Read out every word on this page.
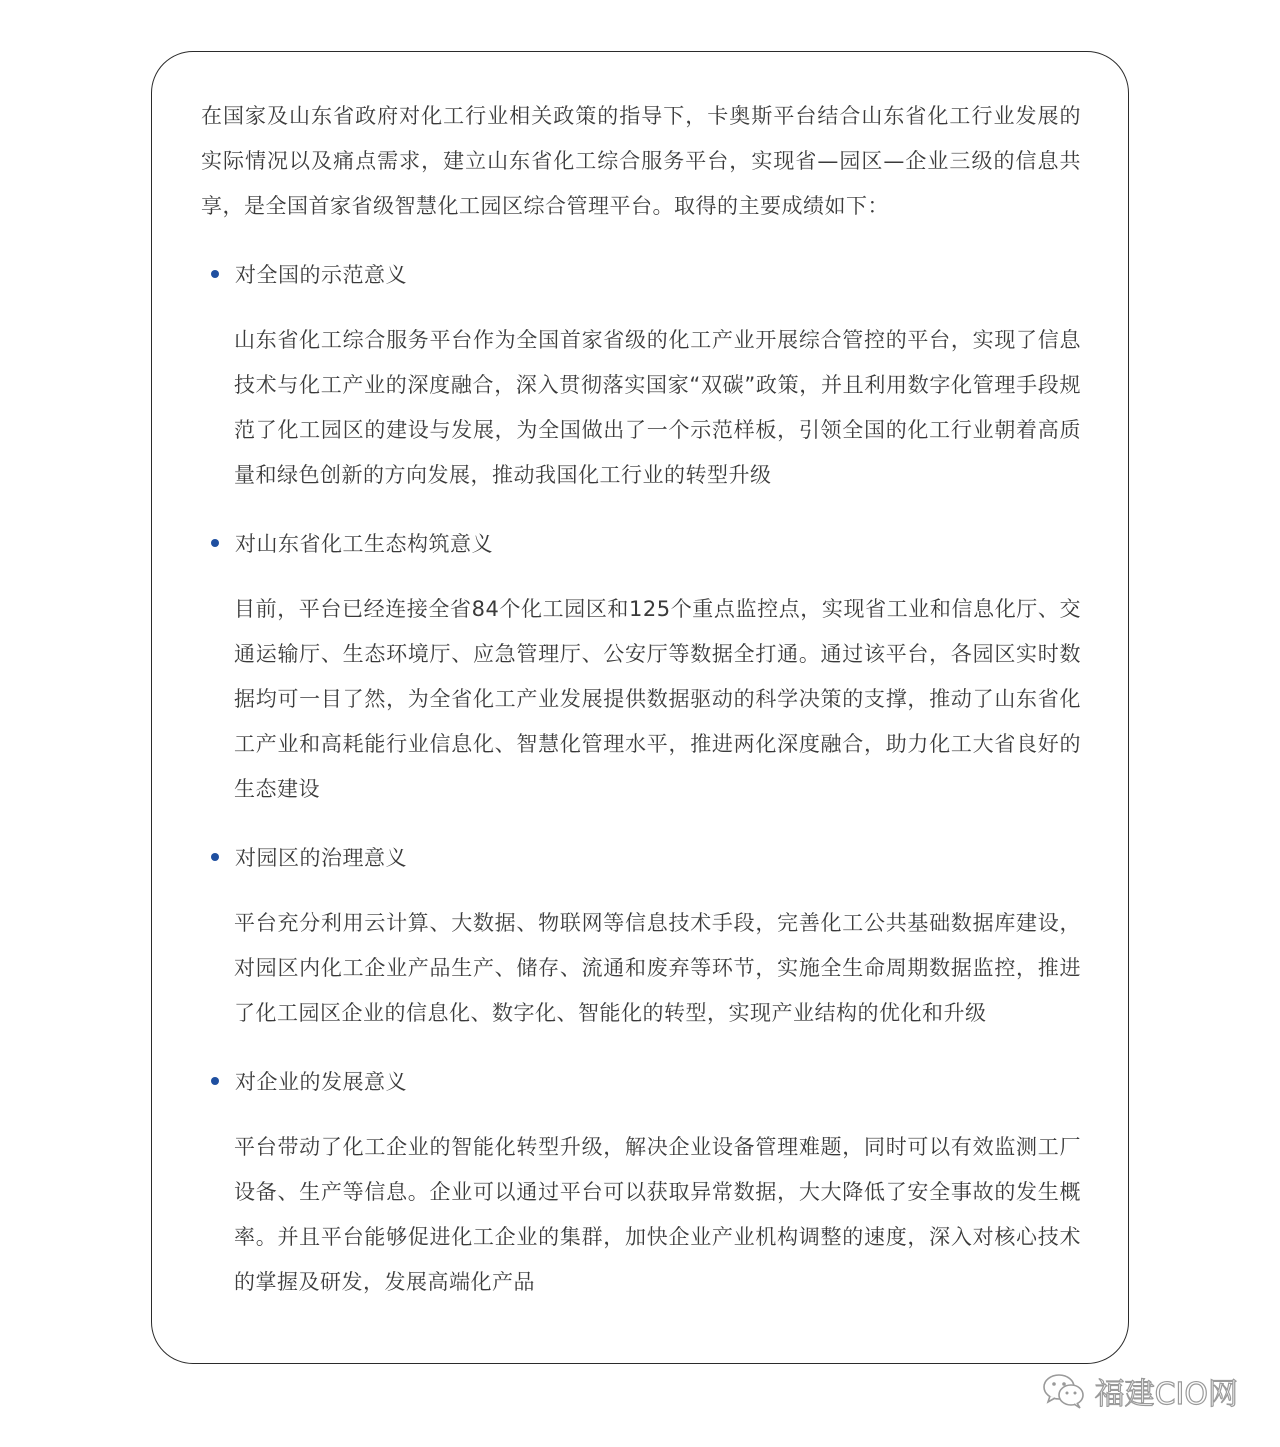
在国家及山东省政府对化工行业相关政策的指导下，卡奥斯平台结合山东省化工行业发展的实际情况以及痛点需求，建立山东省化工综合服务平台，实现省—园区—企业三级的信息共享，是全国首家省级智慧化工园区综合管理平台。取得的主要成绩如下：

对全国的示范意义
山东省化工综合服务平台作为全国首家省级的化工产业开展综合管控的平台，实现了信息技术与化工产业的深度融合，深入贯彻落实国家“双碳”政策，并且利用数字化管理手段规范了化工园区的建设与发展，为全国做出了一个示范样板，引领全国的化工行业朝着高质量和绿色创新的方向发展，推动我国化工行业的转型升级
对山东省化工生态构筑意义
目前，平台已经连接全省84个化工园区和125个重点监控点，实现省工业和信息化厅、交通运输厅、生态环境厅、应急管理厅、公安厅等数据全打通。通过该平台，各园区实时数据均可一目了然，为全省化工产业发展提供数据驱动的科学决策的支撑，推动了山东省化工产业和高耗能行业信息化、智慧化管理水平，推进两化深度融合，助力化工大省良好的生态建设
对园区的治理意义
平台充分利用云计算、大数据、物联网等信息技术手段，完善化工公共基础数据库建设，对园区内化工企业产品生产、储存、流通和废弃等环节，实施全生命周期数据监控，推进了化工园区企业的信息化、数字化、智能化的转型，实现产业结构的优化和升级
对企业的发展意义
平台带动了化工企业的智能化转型升级，解决企业设备管理难题，同时可以有效监测工厂设备、生产等信息。企业可以通过平台可以获取异常数据，大大降低了安全事故的发生概率。并且平台能够促进化工企业的集群，加快企业产业机构调整的速度，深入对核心技术的掌握及研发，发展高端化产品
福建CIO网
